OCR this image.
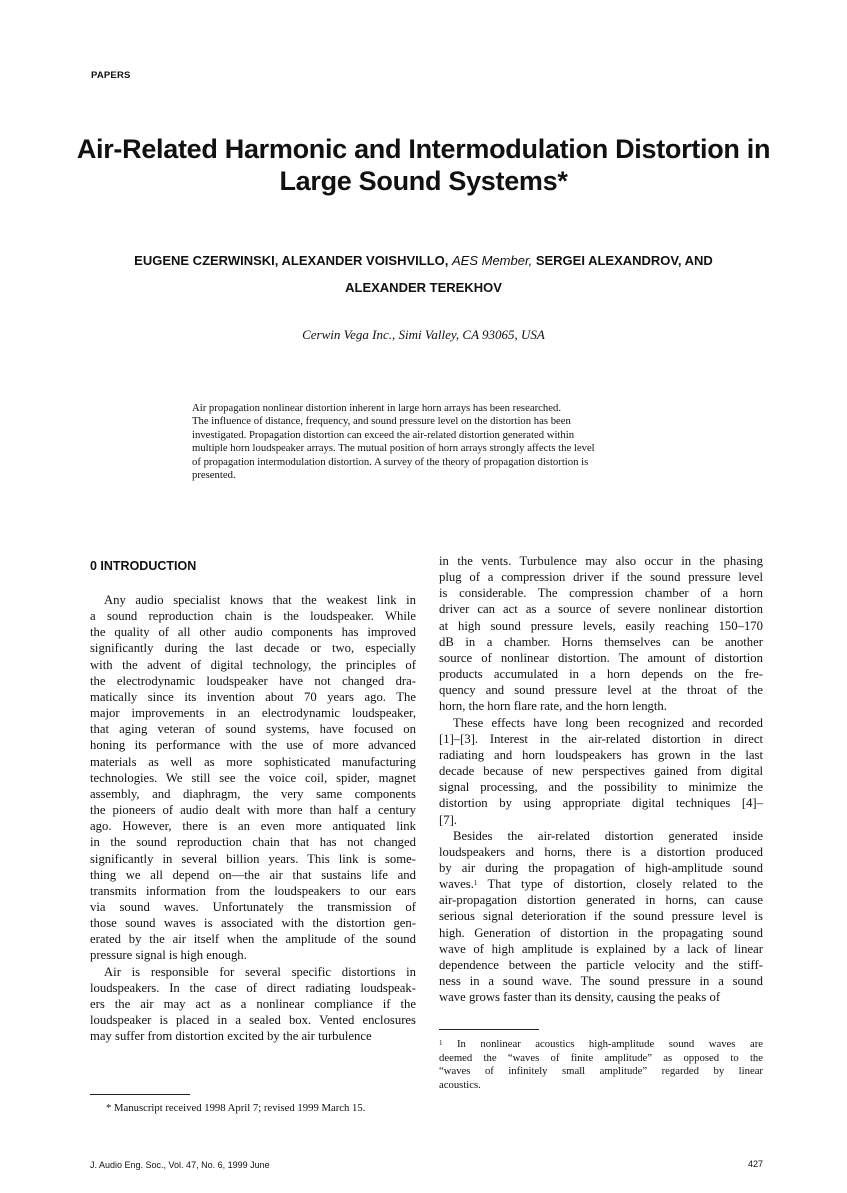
PAPERS
Air-Related Harmonic and Intermodulation Distortion in
Large Sound Systems*
EUGENE CZERWINSKI, ALEXANDER VOISHVILLO, AES Member, SERGEI ALEXANDROV, AND
ALEXANDER TEREKHOV
Cerwin Vega Inc., Simi Valley, CA 93065, USA
Air propagation nonlinear distortion inherent in large horn arrays has been researched.
The influence of distance, frequency, and sound pressure level on the distortion has been
investigated. Propagation distortion can exceed the air-related distortion generated within
multiple horn loudspeaker arrays. The mutual position of horn arrays strongly affects the level
of propagation intermodulation distortion. A survey of the theory of propagation distortion is
presented.
0 INTRODUCTION
Any audio specialist knows that the weakest link in
a sound reproduction chain is the loudspeaker. While
the quality of all other audio components has improved
significantly during the last decade or two, especially
with the advent of digital technology, the principles of
the electrodynamic loudspeaker have not changed dra-
matically since its invention about 70 years ago. The
major improvements in an electrodynamic loudspeaker,
that aging veteran of sound systems, have focused on
honing its performance with the use of more advanced
materials as well as more sophisticated manufacturing
technologies. We still see the voice coil, spider, magnet
assembly, and diaphragm, the very same components
the pioneers of audio dealt with more than half a century
ago. However, there is an even more antiquated link
in the sound reproduction chain that has not changed
significantly in several billion years. This link is some-
thing we all depend on—the air that sustains life and
transmits information from the loudspeakers to our ears
via sound waves. Unfortunately the transmission of
those sound waves is associated with the distortion gen-
erated by the air itself when the amplitude of the sound
pressure signal is high enough.
Air is responsible for several specific distortions in
loudspeakers. In the case of direct radiating loudspeak-
ers the air may act as a nonlinear compliance if the
loudspeaker is placed in a sealed box. Vented enclosures
may suffer from distortion excited by the air turbulence
in the vents. Turbulence may also occur in the phasing
plug of a compression driver if the sound pressure level
is considerable. The compression chamber of a horn
driver can act as a source of severe nonlinear distortion
at high sound pressure levels, easily reaching 150–170
dB in a chamber. Horns themselves can be another
source of nonlinear distortion. The amount of distortion
products accumulated in a horn depends on the fre-
quency and sound pressure level at the throat of the
horn, the horn flare rate, and the horn length.
These effects have long been recognized and recorded
[1]–[3]. Interest in the air-related distortion in direct
radiating and horn loudspeakers has grown in the last
decade because of new perspectives gained from digital
signal processing, and the possibility to minimize the
distortion by using appropriate digital techniques [4]–
[7].
Besides the air-related distortion generated inside
loudspeakers and horns, there is a distortion produced
by air during the propagation of high-amplitude sound
waves.$^1$ That type of distortion, closely related to the
air-propagation distortion generated in horns, can cause
serious signal deterioration if the sound pressure level is
high. Generation of distortion in the propagating sound
wave of high amplitude is explained by a lack of linear
dependence between the particle velocity and the stiff-
ness in a sound wave. The sound pressure in a sound
wave grows faster than its density, causing the peaks of
* Manuscript received 1998 April 7; revised 1999 March 15.
$^1$ In nonlinear acoustics high-amplitude sound waves are
deemed the “waves of finite amplitude” as opposed to the
“waves of infinitely small amplitude” regarded by linear
acoustics.
J. Audio Eng. Soc., Vol. 47, No. 6, 1999 June	427
